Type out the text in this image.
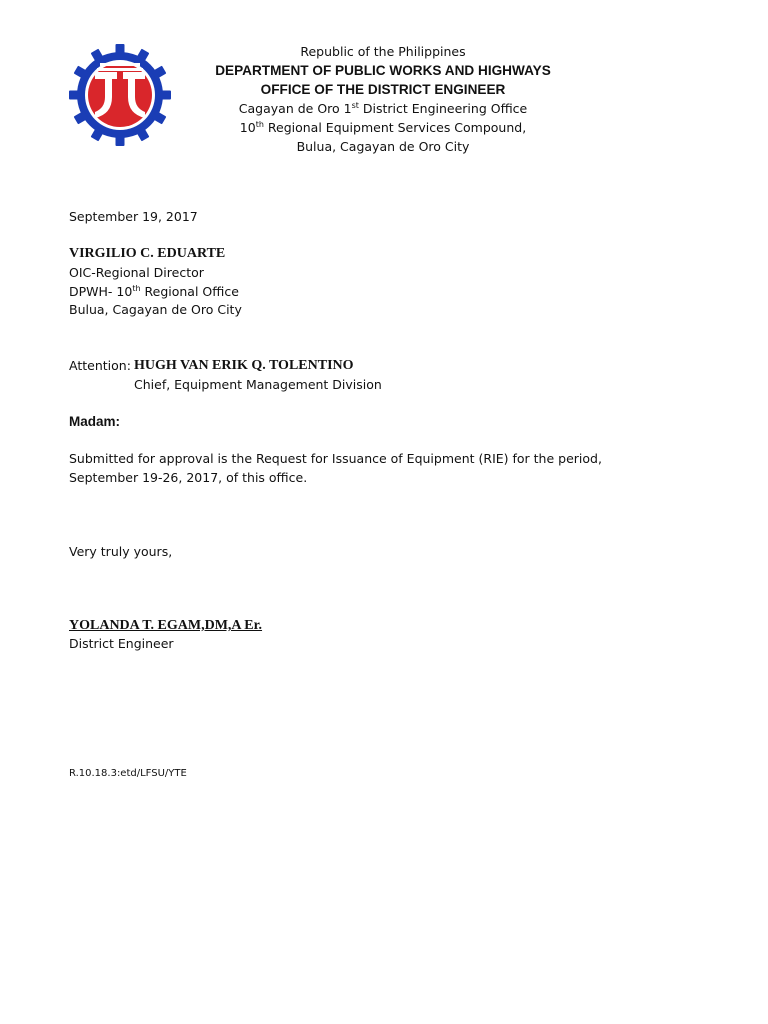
Republic of the Philippines
DEPARTMENT OF PUBLIC WORKS AND HIGHWAYS
OFFICE OF THE DISTRICT ENGINEER
Cagayan de Oro 1st District Engineering Office
10th Regional Equipment Services Compound,
Bulua, Cagayan de Oro City
September 19, 2017
VIRGILIO C. EDUARTE
OIC-Regional Director
DPWH- 10th Regional Office
Bulua, Cagayan de Oro City
Attention: HUGH VAN ERIK Q. TOLENTINO
Chief, Equipment Management Division
Madam:
Submitted for approval is the Request for Issuance of Equipment (RIE) for the period,
September 19-26, 2017, of this office.
Very truly yours,
YOLANDA T. EGAM,DM,A Er.
District Engineer
R.10.18.3:etd/LFSU/YTE
